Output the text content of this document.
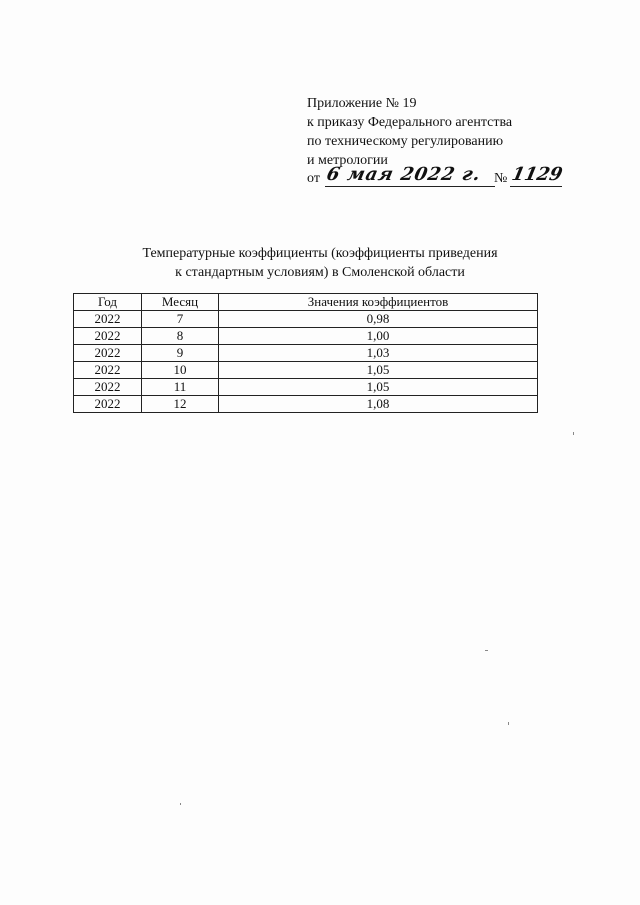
Приложение № 19
к приказу Федерального агентства
по техническому регулированию
и метрологии
от 6 мая 2022 г. № 1129
Температурные коэффициенты (коэффициенты приведения
к стандартным условиям) в Смоленской области
Год	Месяц	Значения коэффициентов
2022	7	0,98
2022	8	1,00
2022	9	1,03
2022	10	1,05
2022	11	1,05
2022	12	1,08
